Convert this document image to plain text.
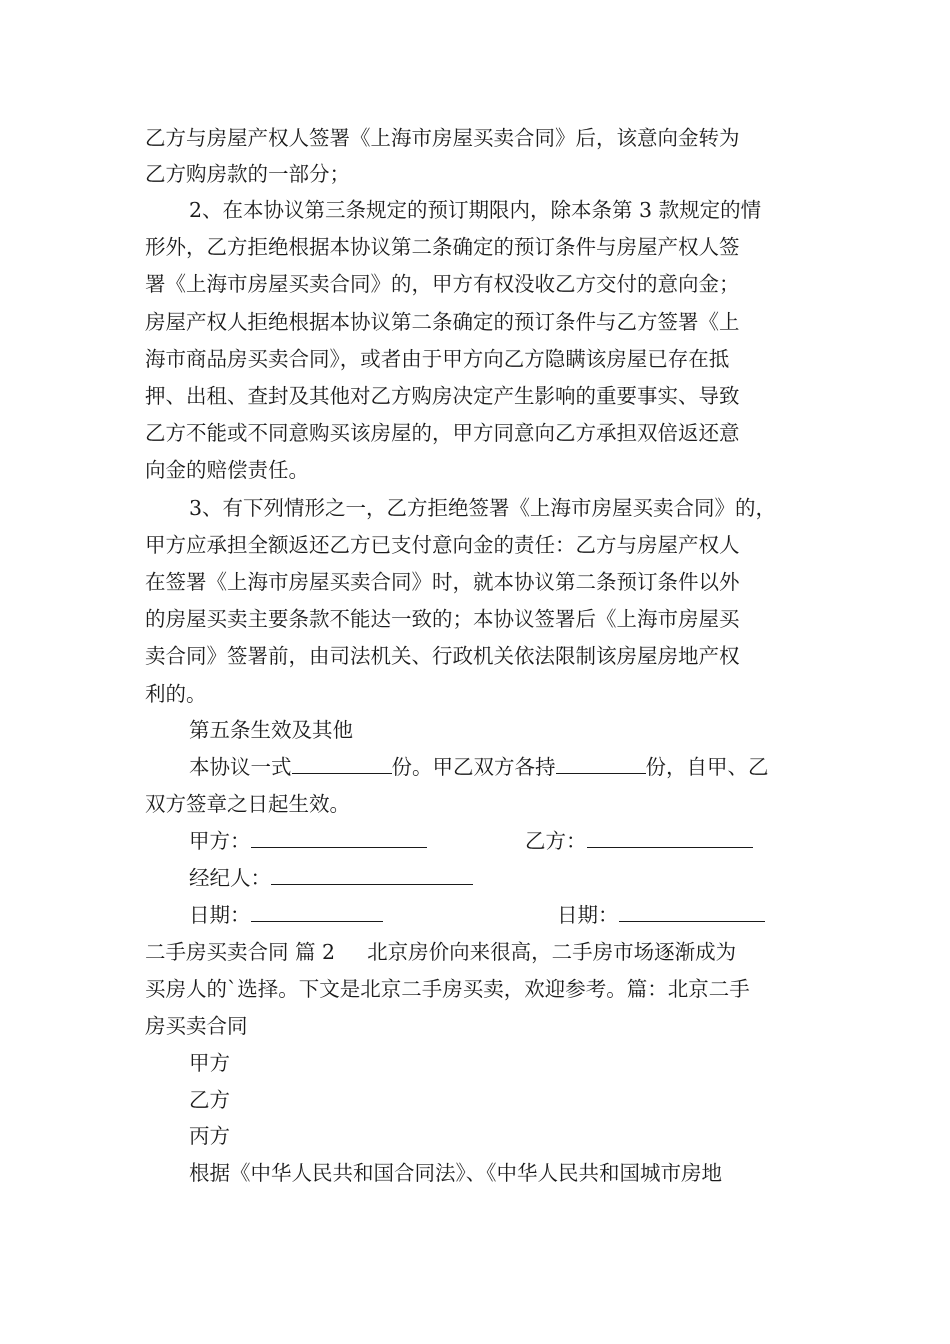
乙方与房屋产权人签署《上海市房屋买卖合同》后，该意向金转为
乙方购房款的一部分；
2、在本协议第三条规定的预订期限内，除本条第 3 款规定的情
形外，乙方拒绝根据本协议第二条确定的预订条件与房屋产权人签
署《上海市房屋买卖合同》的，甲方有权没收乙方交付的意向金；
房屋产权人拒绝根据本协议第二条确定的预订条件与乙方签署《上
海市商品房买卖合同》，或者由于甲方向乙方隐瞒该房屋已存在抵
押、出租、查封及其他对乙方购房决定产生影响的重要事实、导致
乙方不能或不同意购买该房屋的，甲方同意向乙方承担双倍返还意
向金的赔偿责任。
3、有下列情形之一，乙方拒绝签署《上海市房屋买卖合同》的，
甲方应承担全额返还乙方已支付意向金的责任：乙方与房屋产权人
在签署《上海市房屋买卖合同》时，就本协议第二条预订条件以外
的房屋买卖主要条款不能达一致的；本协议签署后《上海市房屋买
卖合同》签署前，由司法机关、行政机关依法限制该房屋房地产权
利的。
第五条生效及其他
本协议一式	份。甲乙双方各持	份，自甲、乙
双方签章之日起生效。
甲方：	乙方：
经纪人：
日期：	日期：
二手房买卖合同 篇 2 北京房价向来很高，二手房市场逐渐成为
买房人的`选择。下文是北京二手房买卖，欢迎参考。篇：北京二手
房买卖合同
甲方
乙方
丙方
根据《中华人民共和国合同法》、《中华人民共和国城市房地
